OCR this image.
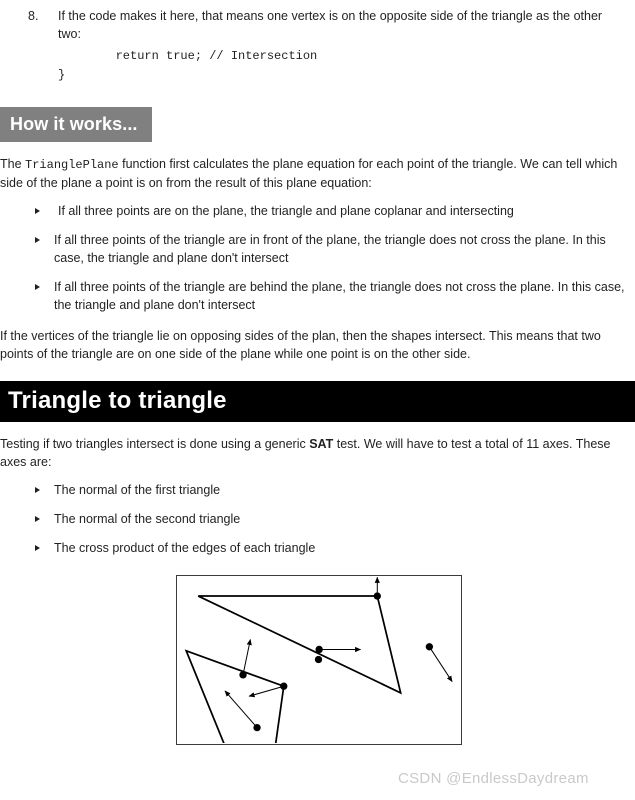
8. If the code makes it here, that means one vertex is on the opposite side of the triangle as the other two:
return true; // Intersection
}
How it works...

The TrianglePlane function first calculates the plane equation for each point of the triangle. We can tell which side of the plane a point is on from the result of this plane equation:

If all three points are on the plane, the triangle and plane coplanar and intersecting
If all three points of the triangle are in front of the plane, the triangle does not cross the plane. In this case, the triangle and plane don't intersect
If all three points of the triangle are behind the plane, the triangle does not cross the plane. In this case, the triangle and plane don't intersect

If the vertices of the triangle lie on opposing sides of the plan, then the shapes intersect. This means that two points of the triangle are on one side of the plane while one point is on the other side.

Triangle to triangle

Testing if two triangles intersect is done using a generic SAT test. We will have to test a total of 11 axes. These axes are:

The normal of the first triangle
The normal of the second triangle
The cross product of the edges of each triangle
CSDN @EndlessDaydream
